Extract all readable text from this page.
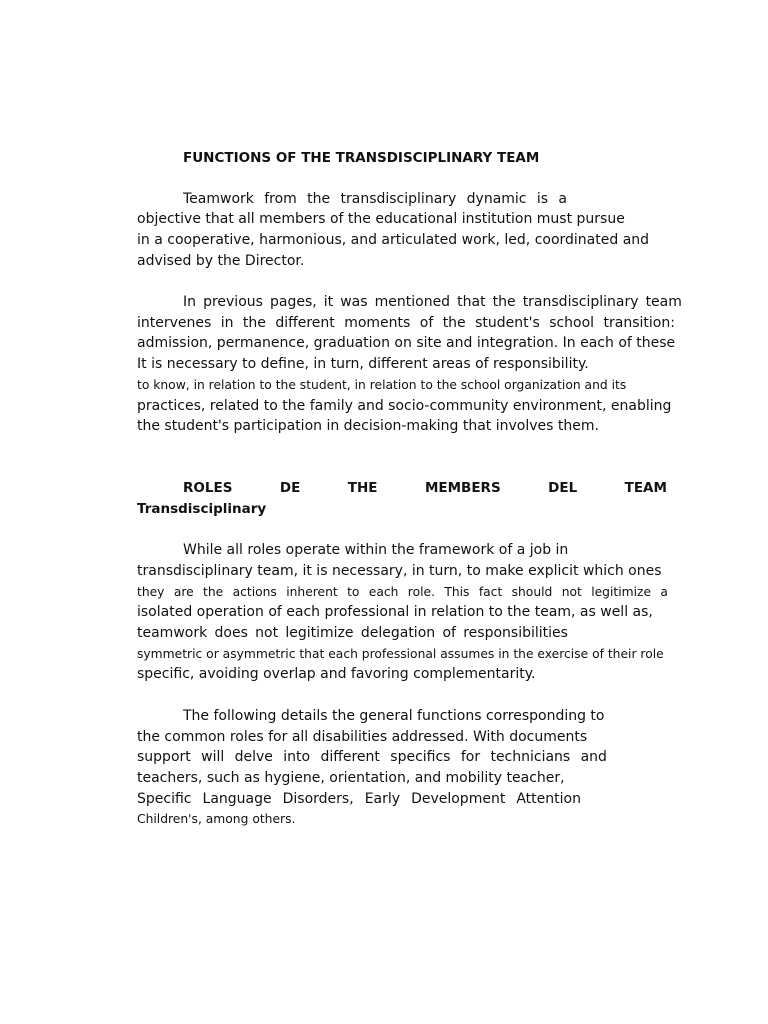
FUNCTIONS OF THE TRANSDISCIPLINARY TEAM
Teamwork from the transdisciplinary dynamic is a
objective that all members of the educational institution must pursue
in a cooperative, harmonious, and articulated work, led, coordinated and
advised by the Director.
In previous pages, it was mentioned that the transdisciplinary team
intervenes in the different moments of the student's school transition:
admission, permanence, graduation on site and integration. In each of these
It is necessary to define, in turn, different areas of responsibility.
to know, in relation to the student, in relation to the school organization and its
practices, related to the family and socio-community environment, enabling
the student's participation in decision-making that involves them.
ROLES	DE	THE	MEMBERS	DEL	TEAM
Transdisciplinary
While all roles operate within the framework of a job in
transdisciplinary team, it is necessary, in turn, to make explicit which ones
they are the actions inherent to each role. This fact should not legitimize a
isolated operation of each professional in relation to the team, as well as,
teamwork does not legitimize delegation of responsibilities
symmetric or asymmetric that each professional assumes in the exercise of their role
specific, avoiding overlap and favoring complementarity.
The following details the general functions corresponding to
the common roles for all disabilities addressed. With documents
support will delve into different specifics for technicians and
teachers, such as hygiene, orientation, and mobility teacher,
Specific Language Disorders, Early Development Attention
Children's, among others.
